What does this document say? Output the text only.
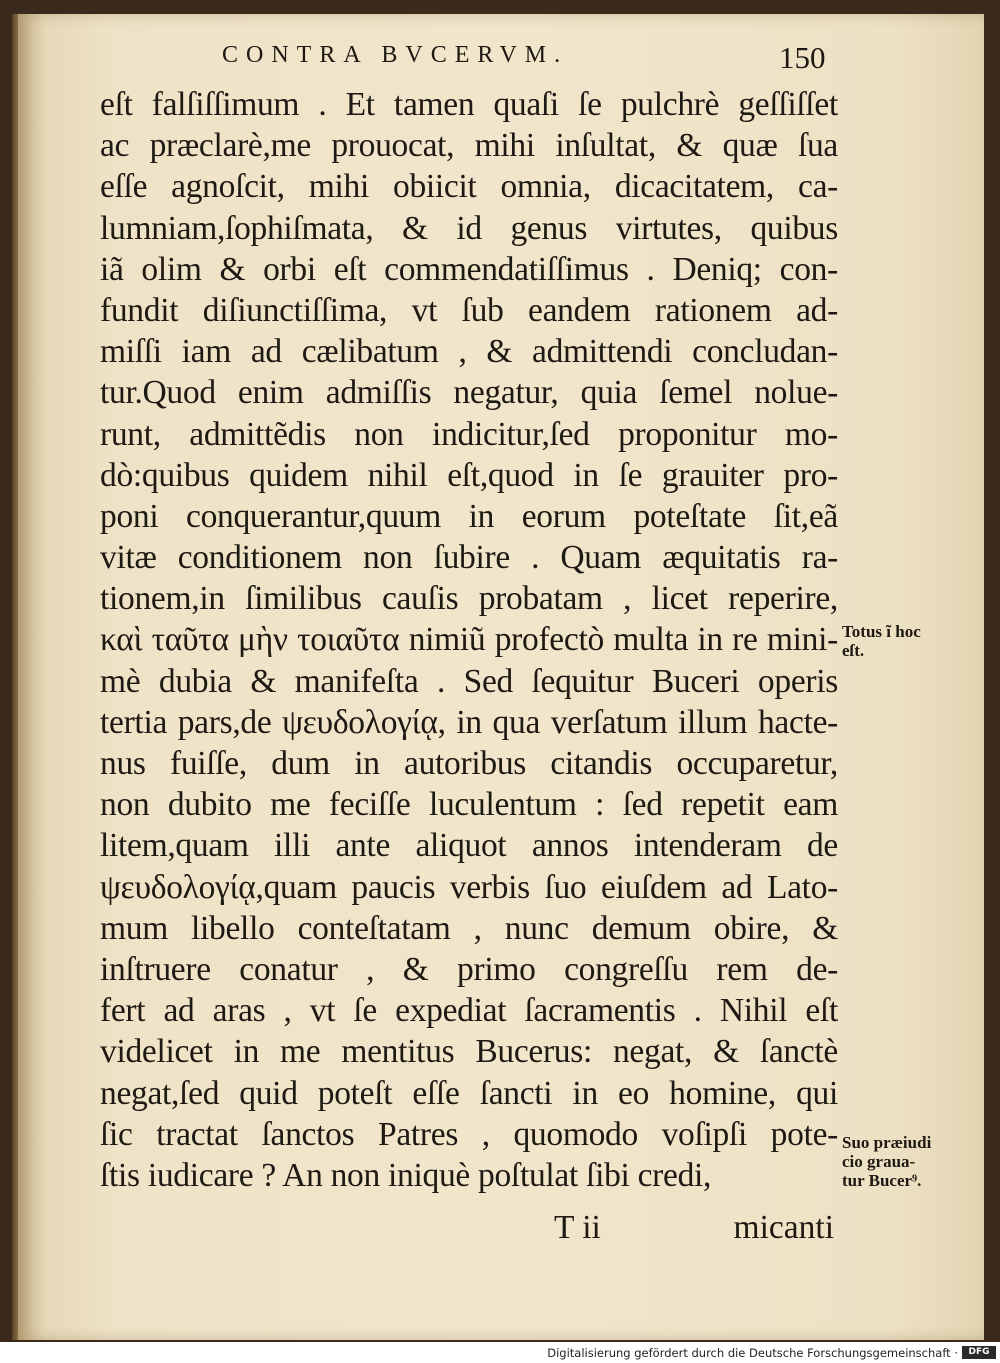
CONTRA BVCERVM.	150
eſt falſiſſimum . Et tamen quaſi ſe pulchrè geſſiſſet
ac præclarè,me prouocat, mihi inſultat, & quæ ſua
eſſe agnoſcit, mihi obiicit omnia, dicacitatem, ca-
lumniam,ſophiſmata, & id genus virtutes, quibus
iã olim & orbi eſt commendatiſſimus . Deniq; con-
fundit diſiunctiſſima, vt ſub eandem rationem ad-
miſſi iam ad cælibatum , & admittendi concludan-
tur.Quod enim admiſſis negatur, quia ſemel nolue-
runt, admittẽdis non indicitur,ſed proponitur mo-
dò:quibus quidem nihil eſt,quod in ſe grauiter pro-
poni conquerantur,quum in eorum poteſtate ſit,eã
vitæ conditionem non ſubire . Quam æquitatis ra-
tionem,in ſimilibus cauſis probatam , licet reperire,
καὶ ταῦτα μὴν τοιαῦτα nimiũ profectò multa in re mini-
mè dubia & manifeſta . Sed ſequitur Buceri operis
tertia pars,de ψευδολογίᾳ, in qua verſatum illum hacte-
nus fuiſſe, dum in autoribus citandis occuparetur,
non dubito me feciſſe luculentum : ſed repetit eam
litem,quam illi ante aliquot annos intenderam de
ψευδολογίᾳ,quam paucis verbis ſuo eiuſdem ad Lato-
mum libello conteſtatam , nunc demum obire, &
inſtruere conatur , & primo congreſſu rem de-
fert ad aras , vt ſe expediat ſacramentis . Nihil eſt
videlicet in me mentitus Bucerus: negat, & ſanctè
negat,ſed quid poteſt eſſe ſancti in eo homine, qui
ſic tractat ſanctos Patres , quomodo voſipſi pote-
ſtis iudicare ? An non iniquè poſtulat ſibi credi,
T ii	micanti
Totus ĩ hoc
eſt.
Suo præiudi
cio graua-
tur Bucer⁹.
Digitalisierung gefördert durch die Deutsche Forschungsgemeinschaft ·	DFG
